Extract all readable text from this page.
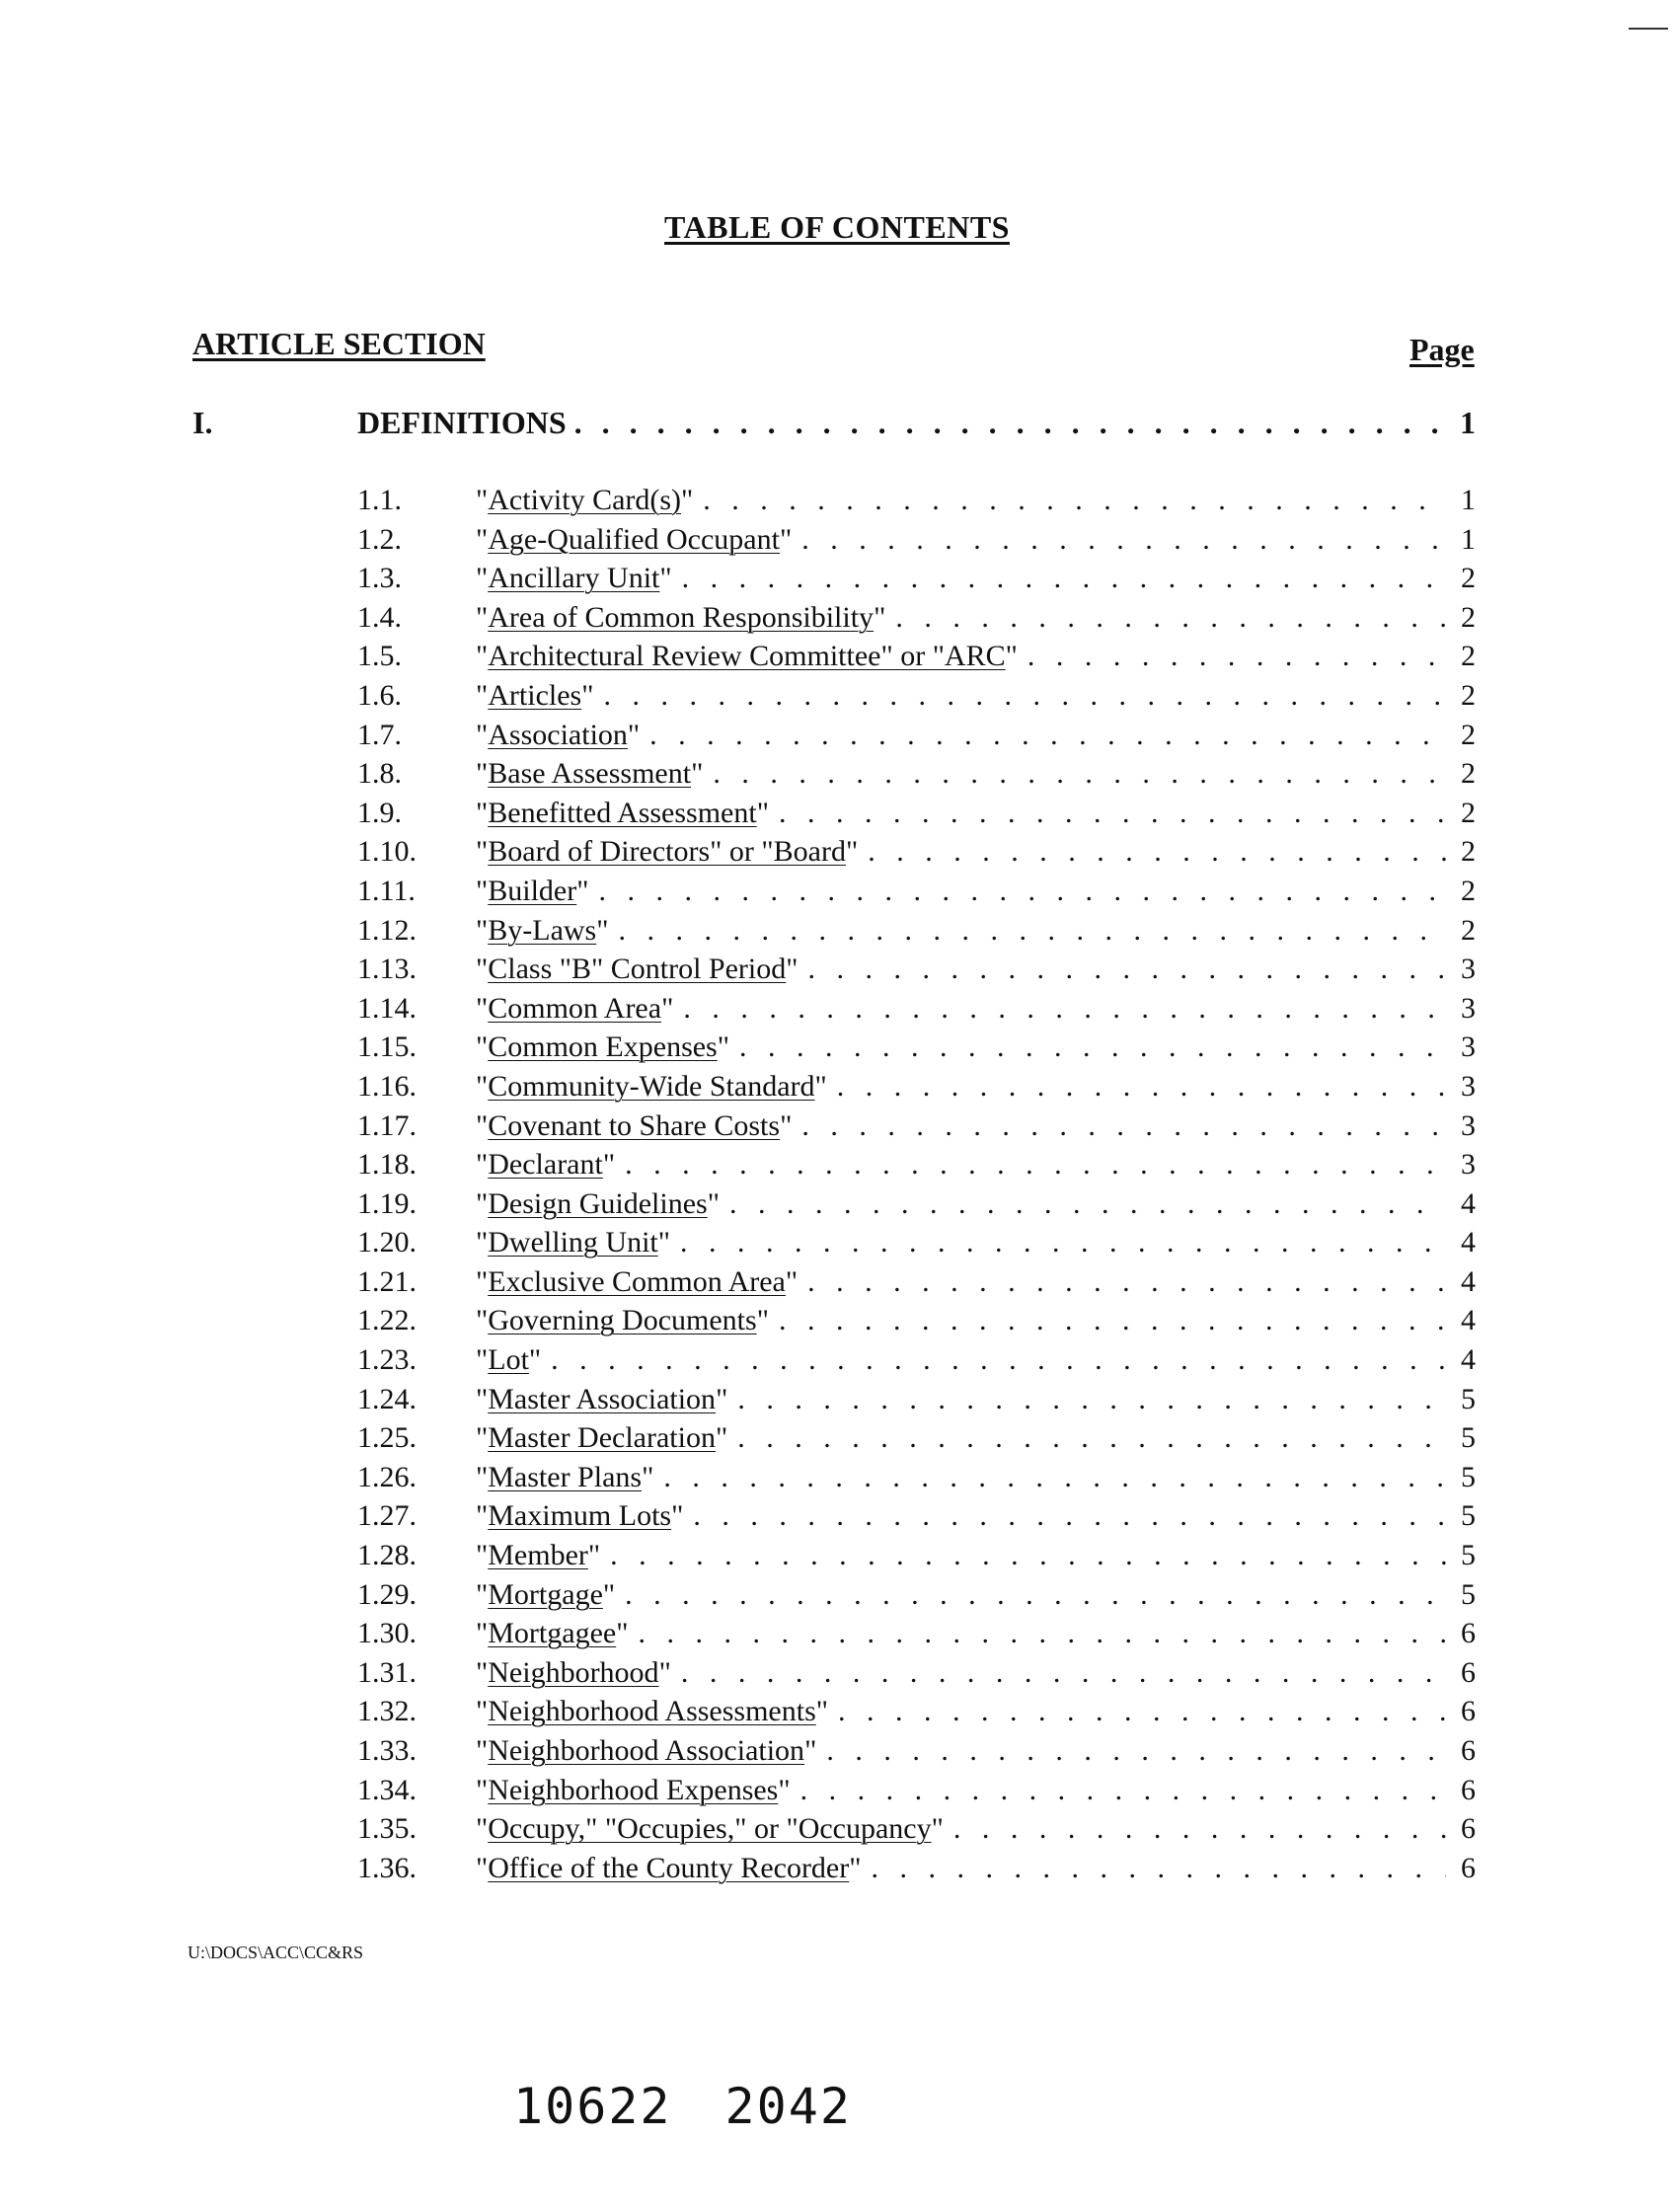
TABLE OF CONTENTS
ARTICLE SECTION	Page
I.	DEFINITIONS . . .	1
1.1.	"Activity Card(s)" . . .	1
1.2.	"Age-Qualified Occupant" . . .	1
1.3.	"Ancillary Unit" . . .	2
1.4.	"Area of Common Responsibility" . . .	2
1.5.	"Architectural Review Committee" or "ARC" . . .	2
1.6.	"Articles" . . .	2
1.7.	"Association" . . .	2
1.8.	"Base Assessment" . . .	2
1.9.	"Benefitted Assessment" . . .	2
1.10.	"Board of Directors" or "Board" . . .	2
1.11.	"Builder" . . .	2
1.12.	"By-Laws" . . .	2
1.13.	"Class "B" Control Period" . . .	3
1.14.	"Common Area" . . .	3
1.15.	"Common Expenses" . . .	3
1.16.	"Community-Wide Standard" . . .	3
1.17.	"Covenant to Share Costs" . . .	3
1.18.	"Declarant" . . .	3
1.19.	"Design Guidelines" . . .	4
1.20.	"Dwelling Unit" . . .	4
1.21.	"Exclusive Common Area" . . .	4
1.22.	"Governing Documents" . . .	4
1.23.	"Lot" . . .	4
1.24.	"Master Association" . . .	5
1.25.	"Master Declaration" . . .	5
1.26.	"Master Plans" . . .	5
1.27.	"Maximum Lots" . . .	5
1.28.	"Member" . . .	5
1.29.	"Mortgage" . . .	5
1.30.	"Mortgagee" . . .	6
1.31.	"Neighborhood" . . .	6
1.32.	"Neighborhood Assessments" . . .	6
1.33.	"Neighborhood Association" . . .	6
1.34.	"Neighborhood Expenses" . . .	6
1.35.	"Occupy," "Occupies," or "Occupancy" . . .	6
1.36.	"Office of the County Recorder" . . .	6
U:\DOCS\ACC\CC&RS
10622 2042
